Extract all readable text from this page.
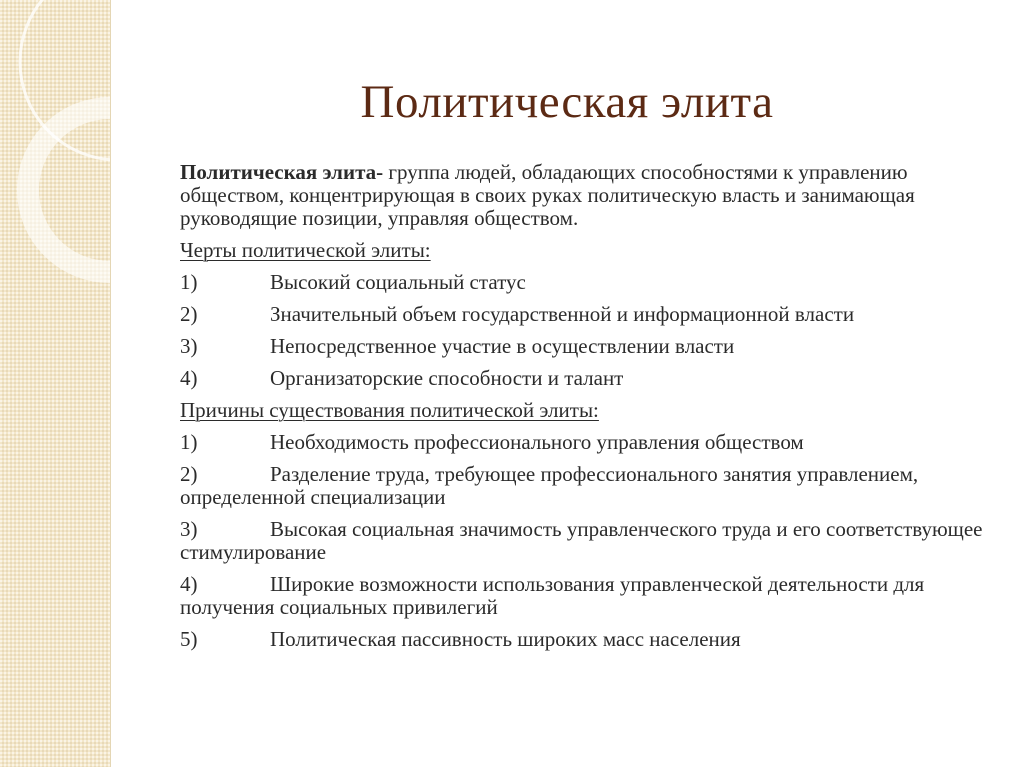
Политическая элита

Политическая элита- группа людей, обладающих способностями к управлению обществом, концентрирующая в своих руках политическую власть и занимающая руководящие позиции, управляя обществом.

Черты политической элиты:

1)	Высокий социальный статус
2)	Значительный объем государственной и информационной власти
3)	Непосредственное участие в осуществлении власти
4)	Организаторские способности и талант

Причины существования политической элиты:

1)	Необходимость профессионального управления обществом
2)	Разделение труда, требующее профессионального занятия управлением, определенной специализации
3)	Высокая социальная значимость управленческого труда и его соответствующее стимулирование
4)	Широкие возможности использования управленческой деятельности для получения социальных привилегий
5)	Политическая пассивность широких масс населения
